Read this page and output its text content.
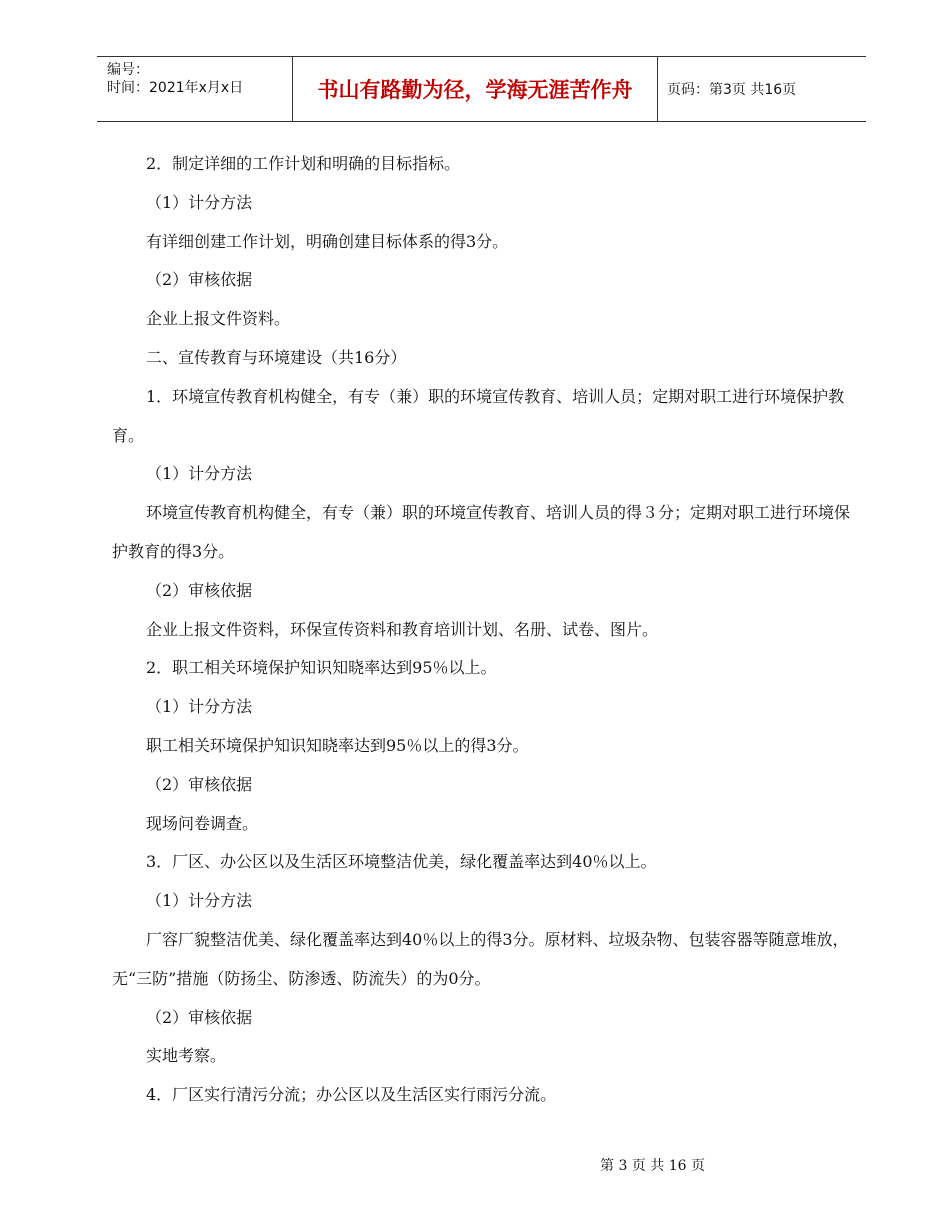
编号：
时间：2021年x月x日	书山有路勤为径，学海无涯苦作舟	页码：第3页 共16页

2．制定详细的工作计划和明确的目标指标。

（1）计分方法

有详细创建工作计划，明确创建目标体系的得3分。

（2）审核依据

企业上报文件资料。

二、宣传教育与环境建设（共16分）

1．环境宣传教育机构健全，有专（兼）职的环境宣传教育、培训人员；定期对职工进行环境保护教育。

（1）计分方法

环境宣传教育机构健全，有专（兼）职的环境宣传教育、培训人员的得３分；定期对职工进行环境保护教育的得3分。

（2）审核依据

企业上报文件资料，环保宣传资料和教育培训计划、名册、试卷、图片。

2．职工相关环境保护知识知晓率达到95％以上。

（1）计分方法

职工相关环境保护知识知晓率达到95％以上的得3分。

（2）审核依据

现场问卷调查。

3．厂区、办公区以及生活区环境整洁优美，绿化覆盖率达到40％以上。

（1）计分方法

厂容厂貌整洁优美、绿化覆盖率达到40％以上的得3分。原材料、垃圾杂物、包装容器等随意堆放，无“三防”措施（防扬尘、防渗透、防流失）的为0分。

（2）审核依据

实地考察。

4．厂区实行清污分流；办公区以及生活区实行雨污分流。

第 3 页 共 16 页
